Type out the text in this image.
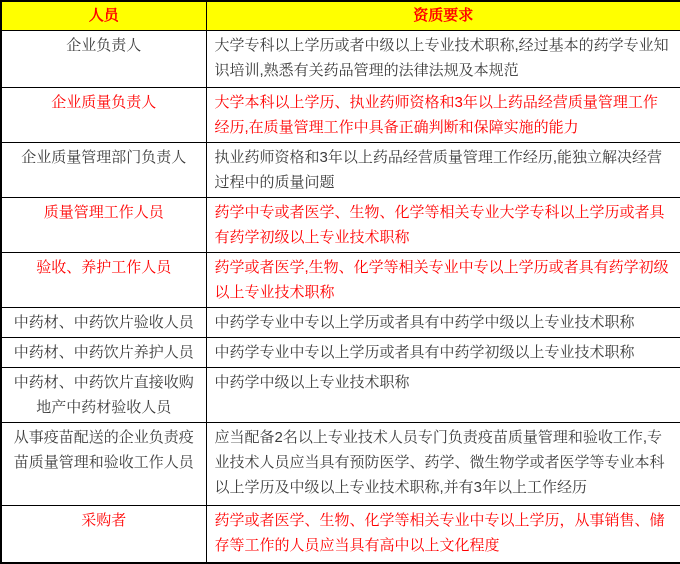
人员	资质要求
企业负责人	大学专科以上学历或者中级以上专业技术职称,经过基本的药学专业知识培训,熟悉有关药品管理的法律法规及本规范
企业质量负责人	大学本科以上学历、执业药师资格和3年以上药品经营质量管理工作经历,在质量管理工作中具备正确判断和保障实施的能力
企业质量管理部门负责人	执业药师资格和3年以上药品经营质量管理工作经历,能独立解决经营过程中的质量问题
质量管理工作人员	药学中专或者医学、生物、化学等相关专业大学专科以上学历或者具有药学初级以上专业技术职称
验收、养护工作人员	药学或者医学,生物、化学等相关专业中专以上学历或者具有药学初级以上专业技术职称
中药材、中药饮片验收人员	中药学专业中专以上学历或者具有中药学中级以上专业技术职称
中药材、中药饮片养护人员	中药学专业中专以上学历或者具有中药学初级以上专业技术职称
中药材、中药饮片直接收购地产中药材验收人员	中药学中级以上专业技术职称
从事疫苗配送的企业负责疫苗质量管理和验收工作人员	应当配备2名以上专业技术人员专门负责疫苗质量管理和验收工作,专业技术人员应当具有预防医学、药学、微生物学或者医学等专业本科以上学历及中级以上专业技术职称,并有3年以上工作经历
采购者	药学或者医学、生物、化学等相关专业中专以上学历，从事销售、储存等工作的人员应当具有高中以上文化程度
